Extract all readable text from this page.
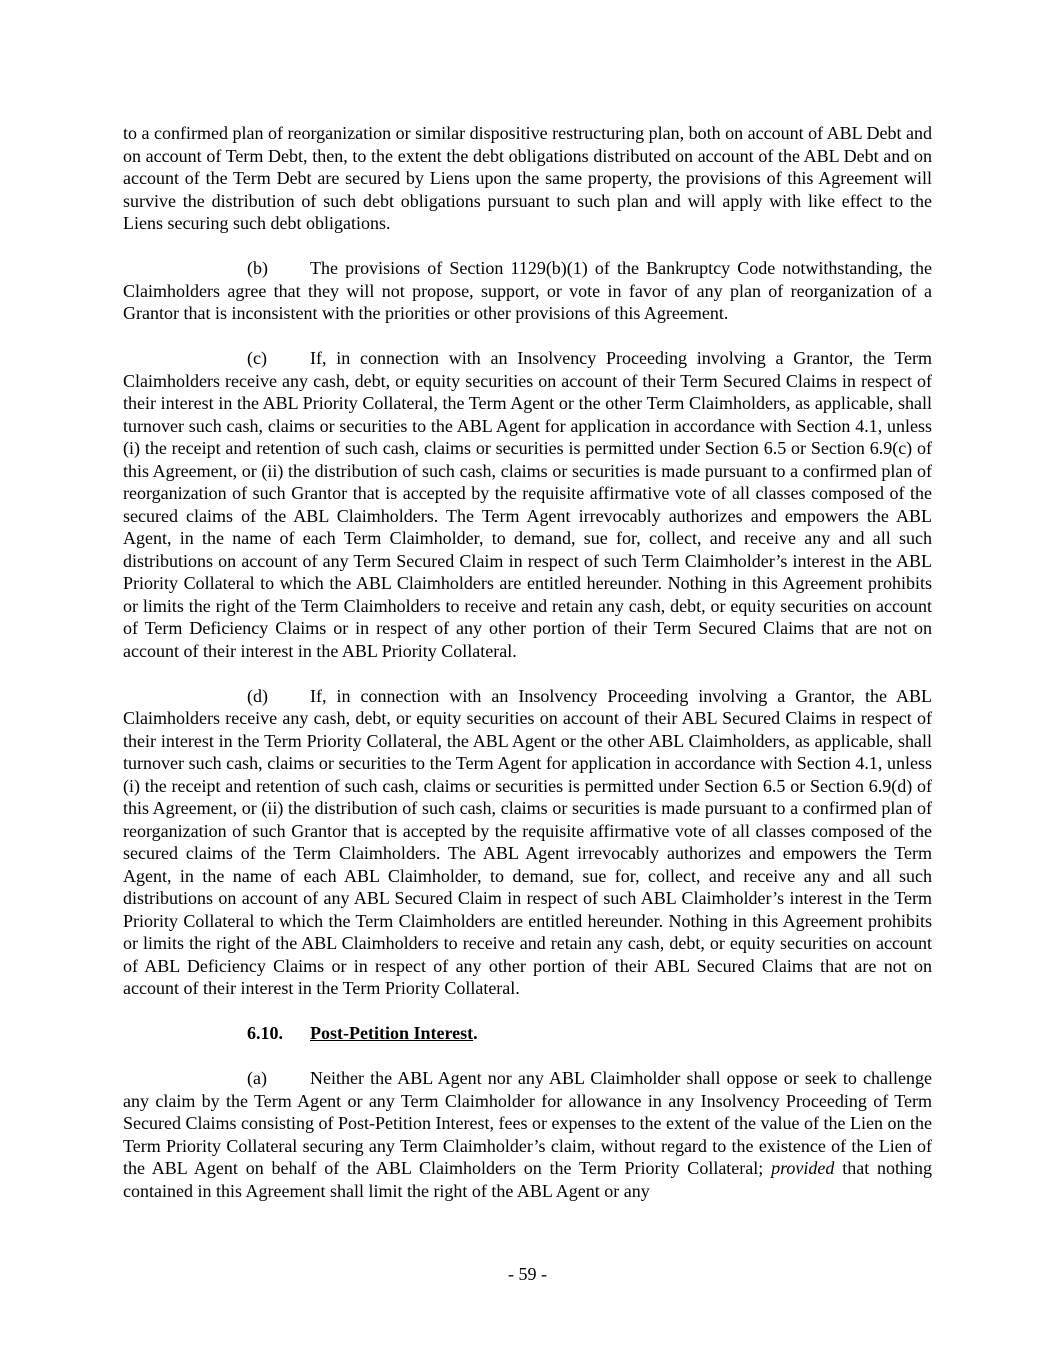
to a confirmed plan of reorganization or similar dispositive restructuring plan, both on account of ABL Debt and on account of Term Debt, then, to the extent the debt obligations distributed on account of the ABL Debt and on account of the Term Debt are secured by Liens upon the same property, the provisions of this Agreement will survive the distribution of such debt obligations pursuant to such plan and will apply with like effect to the Liens securing such debt obligations.

(b) The provisions of Section 1129(b)(1) of the Bankruptcy Code notwithstanding, the Claimholders agree that they will not propose, support, or vote in favor of any plan of reorganization of a Grantor that is inconsistent with the priorities or other provisions of this Agreement.

(c) If, in connection with an Insolvency Proceeding involving a Grantor, the Term Claimholders receive any cash, debt, or equity securities on account of their Term Secured Claims in respect of their interest in the ABL Priority Collateral, the Term Agent or the other Term Claimholders, as applicable, shall turnover such cash, claims or securities to the ABL Agent for application in accordance with Section 4.1, unless (i) the receipt and retention of such cash, claims or securities is permitted under Section 6.5 or Section 6.9(c) of this Agreement, or (ii) the distribution of such cash, claims or securities is made pursuant to a confirmed plan of reorganization of such Grantor that is accepted by the requisite affirmative vote of all classes composed of the secured claims of the ABL Claimholders. The Term Agent irrevocably authorizes and empowers the ABL Agent, in the name of each Term Claimholder, to demand, sue for, collect, and receive any and all such distributions on account of any Term Secured Claim in respect of such Term Claimholder’s interest in the ABL Priority Collateral to which the ABL Claimholders are entitled hereunder. Nothing in this Agreement prohibits or limits the right of the Term Claimholders to receive and retain any cash, debt, or equity securities on account of Term Deficiency Claims or in respect of any other portion of their Term Secured Claims that are not on account of their interest in the ABL Priority Collateral.

(d) If, in connection with an Insolvency Proceeding involving a Grantor, the ABL Claimholders receive any cash, debt, or equity securities on account of their ABL Secured Claims in respect of their interest in the Term Priority Collateral, the ABL Agent or the other ABL Claimholders, as applicable, shall turnover such cash, claims or securities to the Term Agent for application in accordance with Section 4.1, unless (i) the receipt and retention of such cash, claims or securities is permitted under Section 6.5 or Section 6.9(d) of this Agreement, or (ii) the distribution of such cash, claims or securities is made pursuant to a confirmed plan of reorganization of such Grantor that is accepted by the requisite affirmative vote of all classes composed of the secured claims of the Term Claimholders. The ABL Agent irrevocably authorizes and empowers the Term Agent, in the name of each ABL Claimholder, to demand, sue for, collect, and receive any and all such distributions on account of any ABL Secured Claim in respect of such ABL Claimholder’s interest in the Term Priority Collateral to which the Term Claimholders are entitled hereunder. Nothing in this Agreement prohibits or limits the right of the ABL Claimholders to receive and retain any cash, debt, or equity securities on account of ABL Deficiency Claims or in respect of any other portion of their ABL Secured Claims that are not on account of their interest in the Term Priority Collateral.

6.10. Post-Petition Interest.

(a) Neither the ABL Agent nor any ABL Claimholder shall oppose or seek to challenge any claim by the Term Agent or any Term Claimholder for allowance in any Insolvency Proceeding of Term Secured Claims consisting of Post-Petition Interest, fees or expenses to the extent of the value of the Lien on the Term Priority Collateral securing any Term Claimholder’s claim, without regard to the existence of the Lien of the ABL Agent on behalf of the ABL Claimholders on the Term Priority Collateral; provided that nothing contained in this Agreement shall limit the right of the ABL Agent or any

- 59 -
